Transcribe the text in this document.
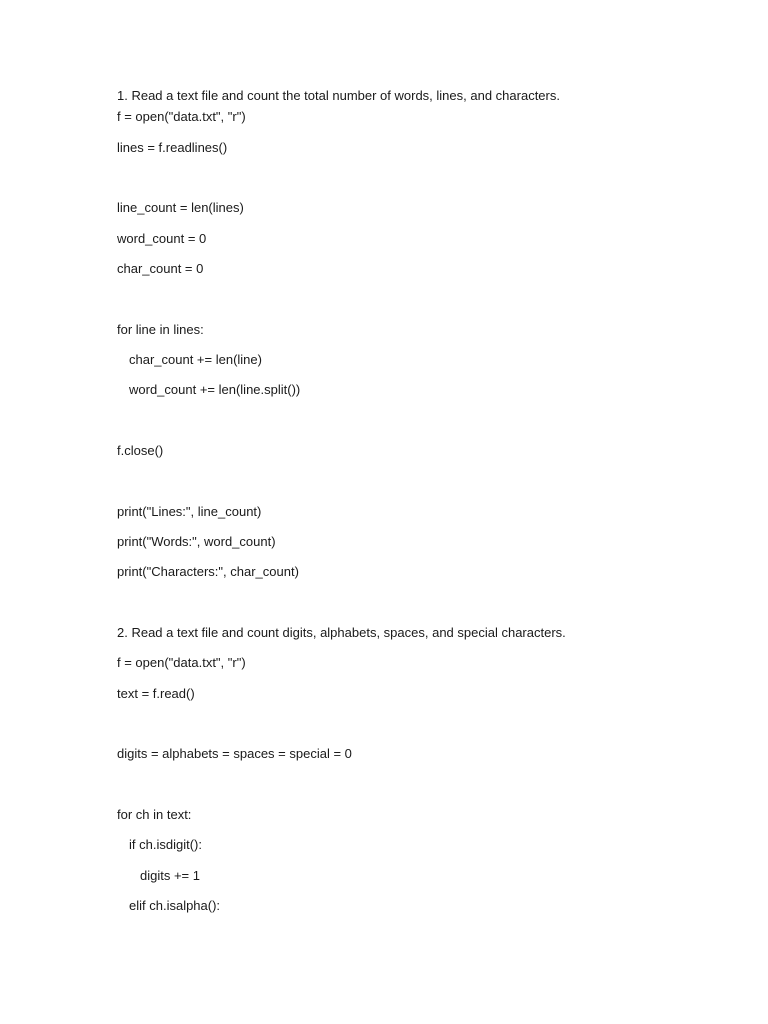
1. Read a text file and count the total number of words, lines, and characters.
f = open("data.txt", "r")
lines = f.readlines()
line_count = len(lines)
word_count = 0
char_count = 0
for line in lines:
char_count += len(line)
word_count += len(line.split())
f.close()
print("Lines:", line_count)
print("Words:", word_count)
print("Characters:", char_count)
2. Read a text file and count digits, alphabets, spaces, and special characters.
f = open("data.txt", "r")
text = f.read()
digits = alphabets = spaces = special = 0
for ch in text:
if ch.isdigit():
digits += 1
elif ch.isalpha():
